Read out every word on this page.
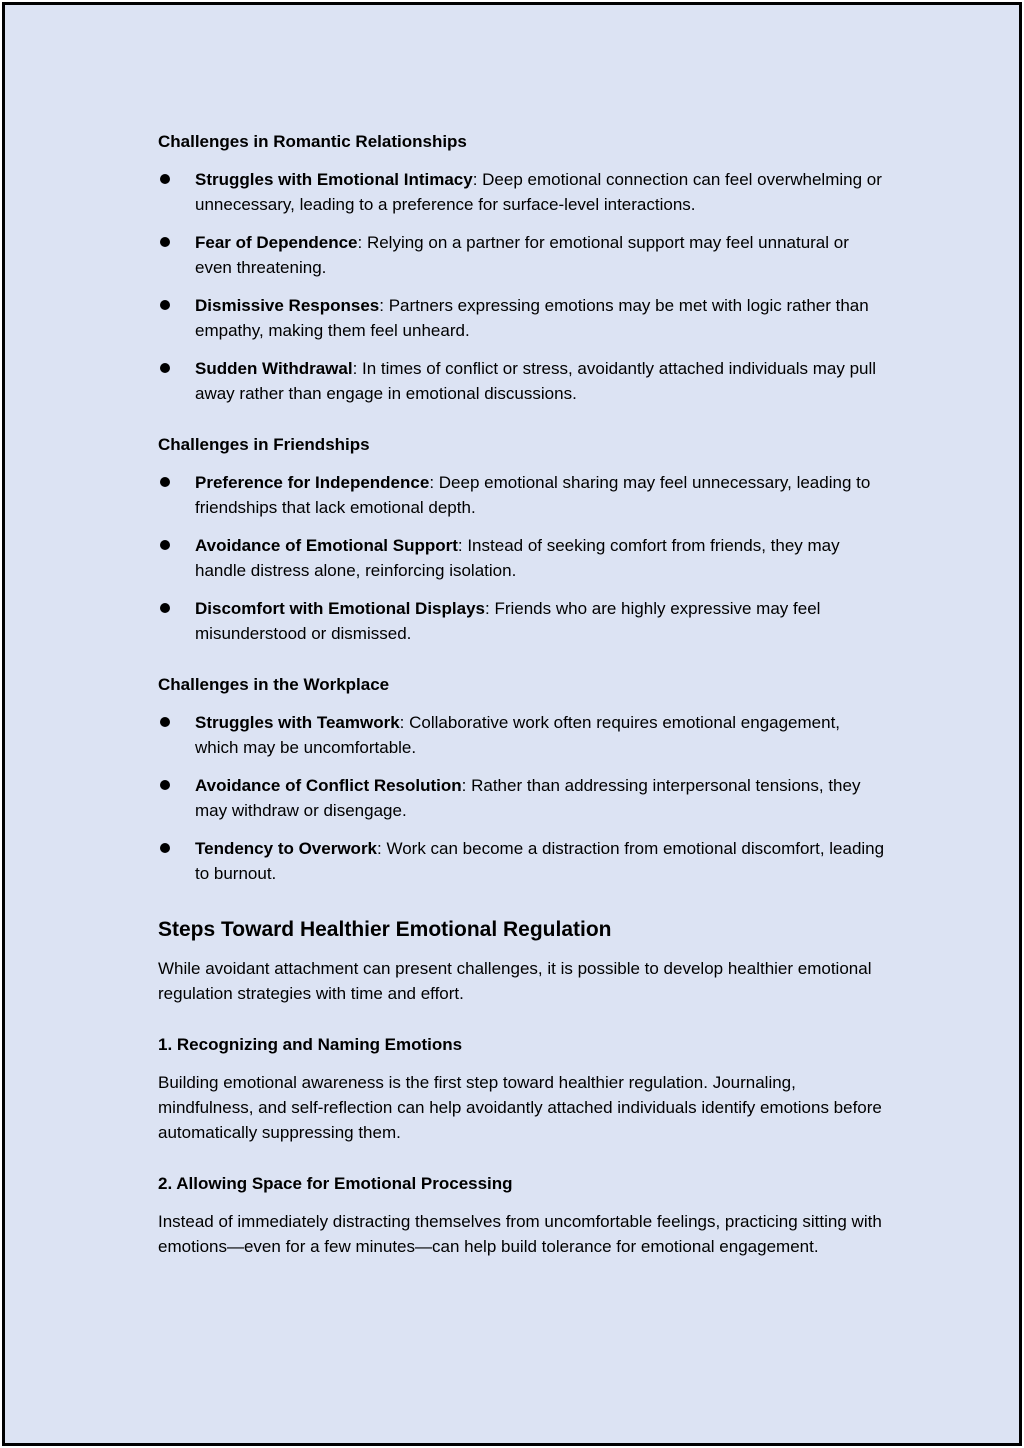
Challenges in Romantic Relationships
Struggles with Emotional Intimacy: Deep emotional connection can feel overwhelming or unnecessary, leading to a preference for surface-level interactions.
Fear of Dependence: Relying on a partner for emotional support may feel unnatural or even threatening.
Dismissive Responses: Partners expressing emotions may be met with logic rather than empathy, making them feel unheard.
Sudden Withdrawal: In times of conflict or stress, avoidantly attached individuals may pull away rather than engage in emotional discussions.
Challenges in Friendships
Preference for Independence: Deep emotional sharing may feel unnecessary, leading to friendships that lack emotional depth.
Avoidance of Emotional Support: Instead of seeking comfort from friends, they may handle distress alone, reinforcing isolation.
Discomfort with Emotional Displays: Friends who are highly expressive may feel misunderstood or dismissed.
Challenges in the Workplace
Struggles with Teamwork: Collaborative work often requires emotional engagement, which may be uncomfortable.
Avoidance of Conflict Resolution: Rather than addressing interpersonal tensions, they may withdraw or disengage.
Tendency to Overwork: Work can become a distraction from emotional discomfort, leading to burnout.
Steps Toward Healthier Emotional Regulation

While avoidant attachment can present challenges, it is possible to develop healthier emotional regulation strategies with time and effort.

1. Recognizing and Naming Emotions

Building emotional awareness is the first step toward healthier regulation. Journaling, mindfulness, and self-reflection can help avoidantly attached individuals identify emotions before automatically suppressing them.

2. Allowing Space for Emotional Processing

Instead of immediately distracting themselves from uncomfortable feelings, practicing sitting with emotions—even for a few minutes—can help build tolerance for emotional engagement.
